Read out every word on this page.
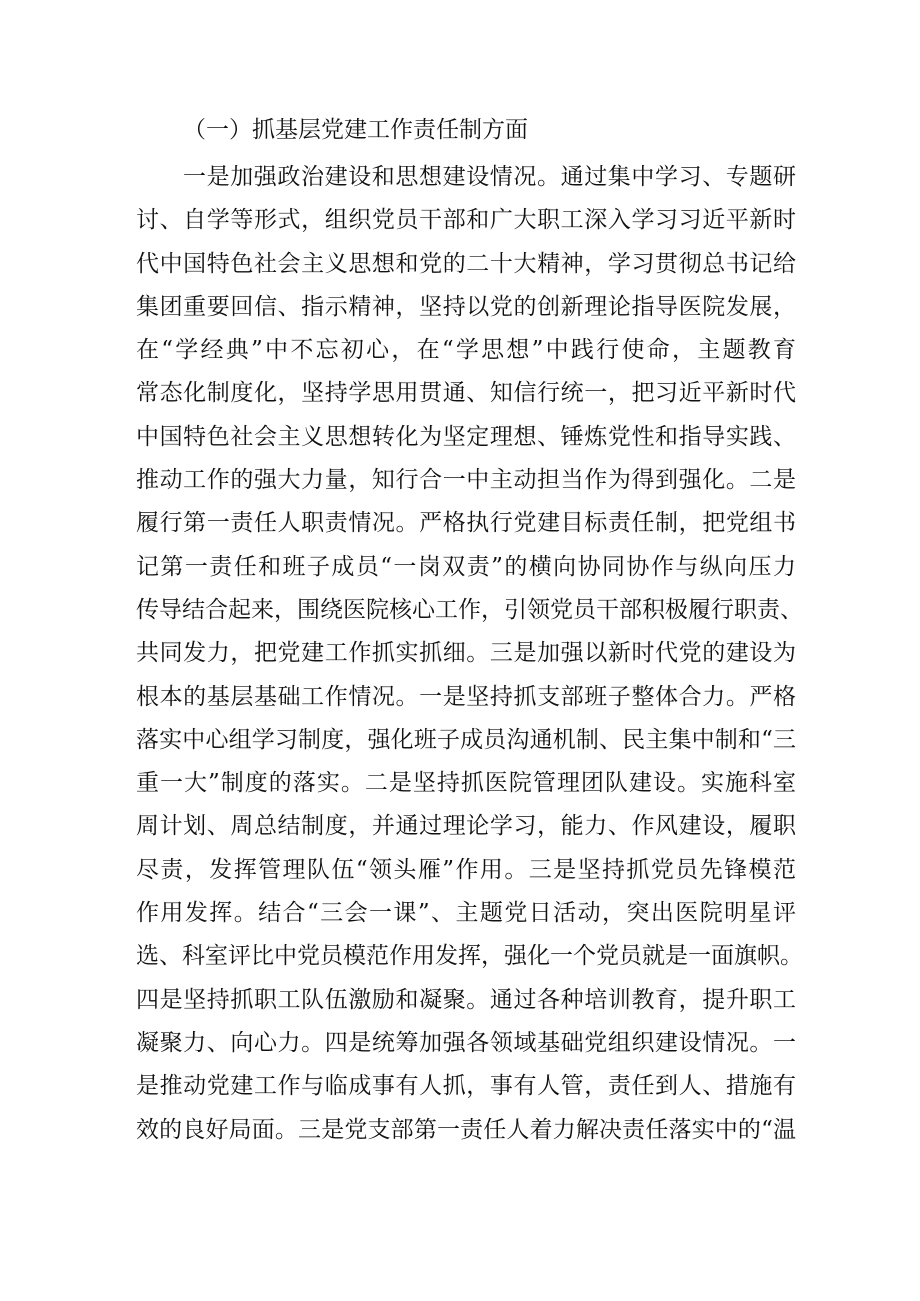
（一）抓基层党建工作责任制方面
一是加强政治建设和思想建设情况。通过集中学习、专题研
讨、自学等形式，组织党员干部和广大职工深入学习习近平新时
代中国特色社会主义思想和党的二十大精神，学习贯彻总书记给
集团重要回信、指示精神，坚持以党的创新理论指导医院发展，
在“学经典”中不忘初心，在“学思想”中践行使命，主题教育
常态化制度化，坚持学思用贯通、知信行统一，把习近平新时代
中国特色社会主义思想转化为坚定理想、锤炼党性和指导实践、
推动工作的强大力量，知行合一中主动担当作为得到强化。二是
履行第一责任人职责情况。严格执行党建目标责任制，把党组书
记第一责任和班子成员“一岗双责”的横向协同协作与纵向压力
传导结合起来，围绕医院核心工作，引领党员干部积极履行职责、
共同发力，把党建工作抓实抓细。三是加强以新时代党的建设为
根本的基层基础工作情况。一是坚持抓支部班子整体合力。严格
落实中心组学习制度，强化班子成员沟通机制、民主集中制和“三
重一大”制度的落实。二是坚持抓医院管理团队建设。实施科室
周计划、周总结制度，并通过理论学习，能力、作风建设，履职
尽责，发挥管理队伍“领头雁”作用。三是坚持抓党员先锋模范
作用发挥。结合“三会一课”、主题党日活动，突出医院明星评
选、科室评比中党员模范作用发挥，强化一个党员就是一面旗帜。
四是坚持抓职工队伍激励和凝聚。通过各种培训教育，提升职工
凝聚力、向心力。四是统筹加强各领域基础党组织建设情况。一
是推动党建工作与临成事有人抓，事有人管，责任到人、措施有
效的良好局面。三是党支部第一责任人着力解决责任落实中的“温
